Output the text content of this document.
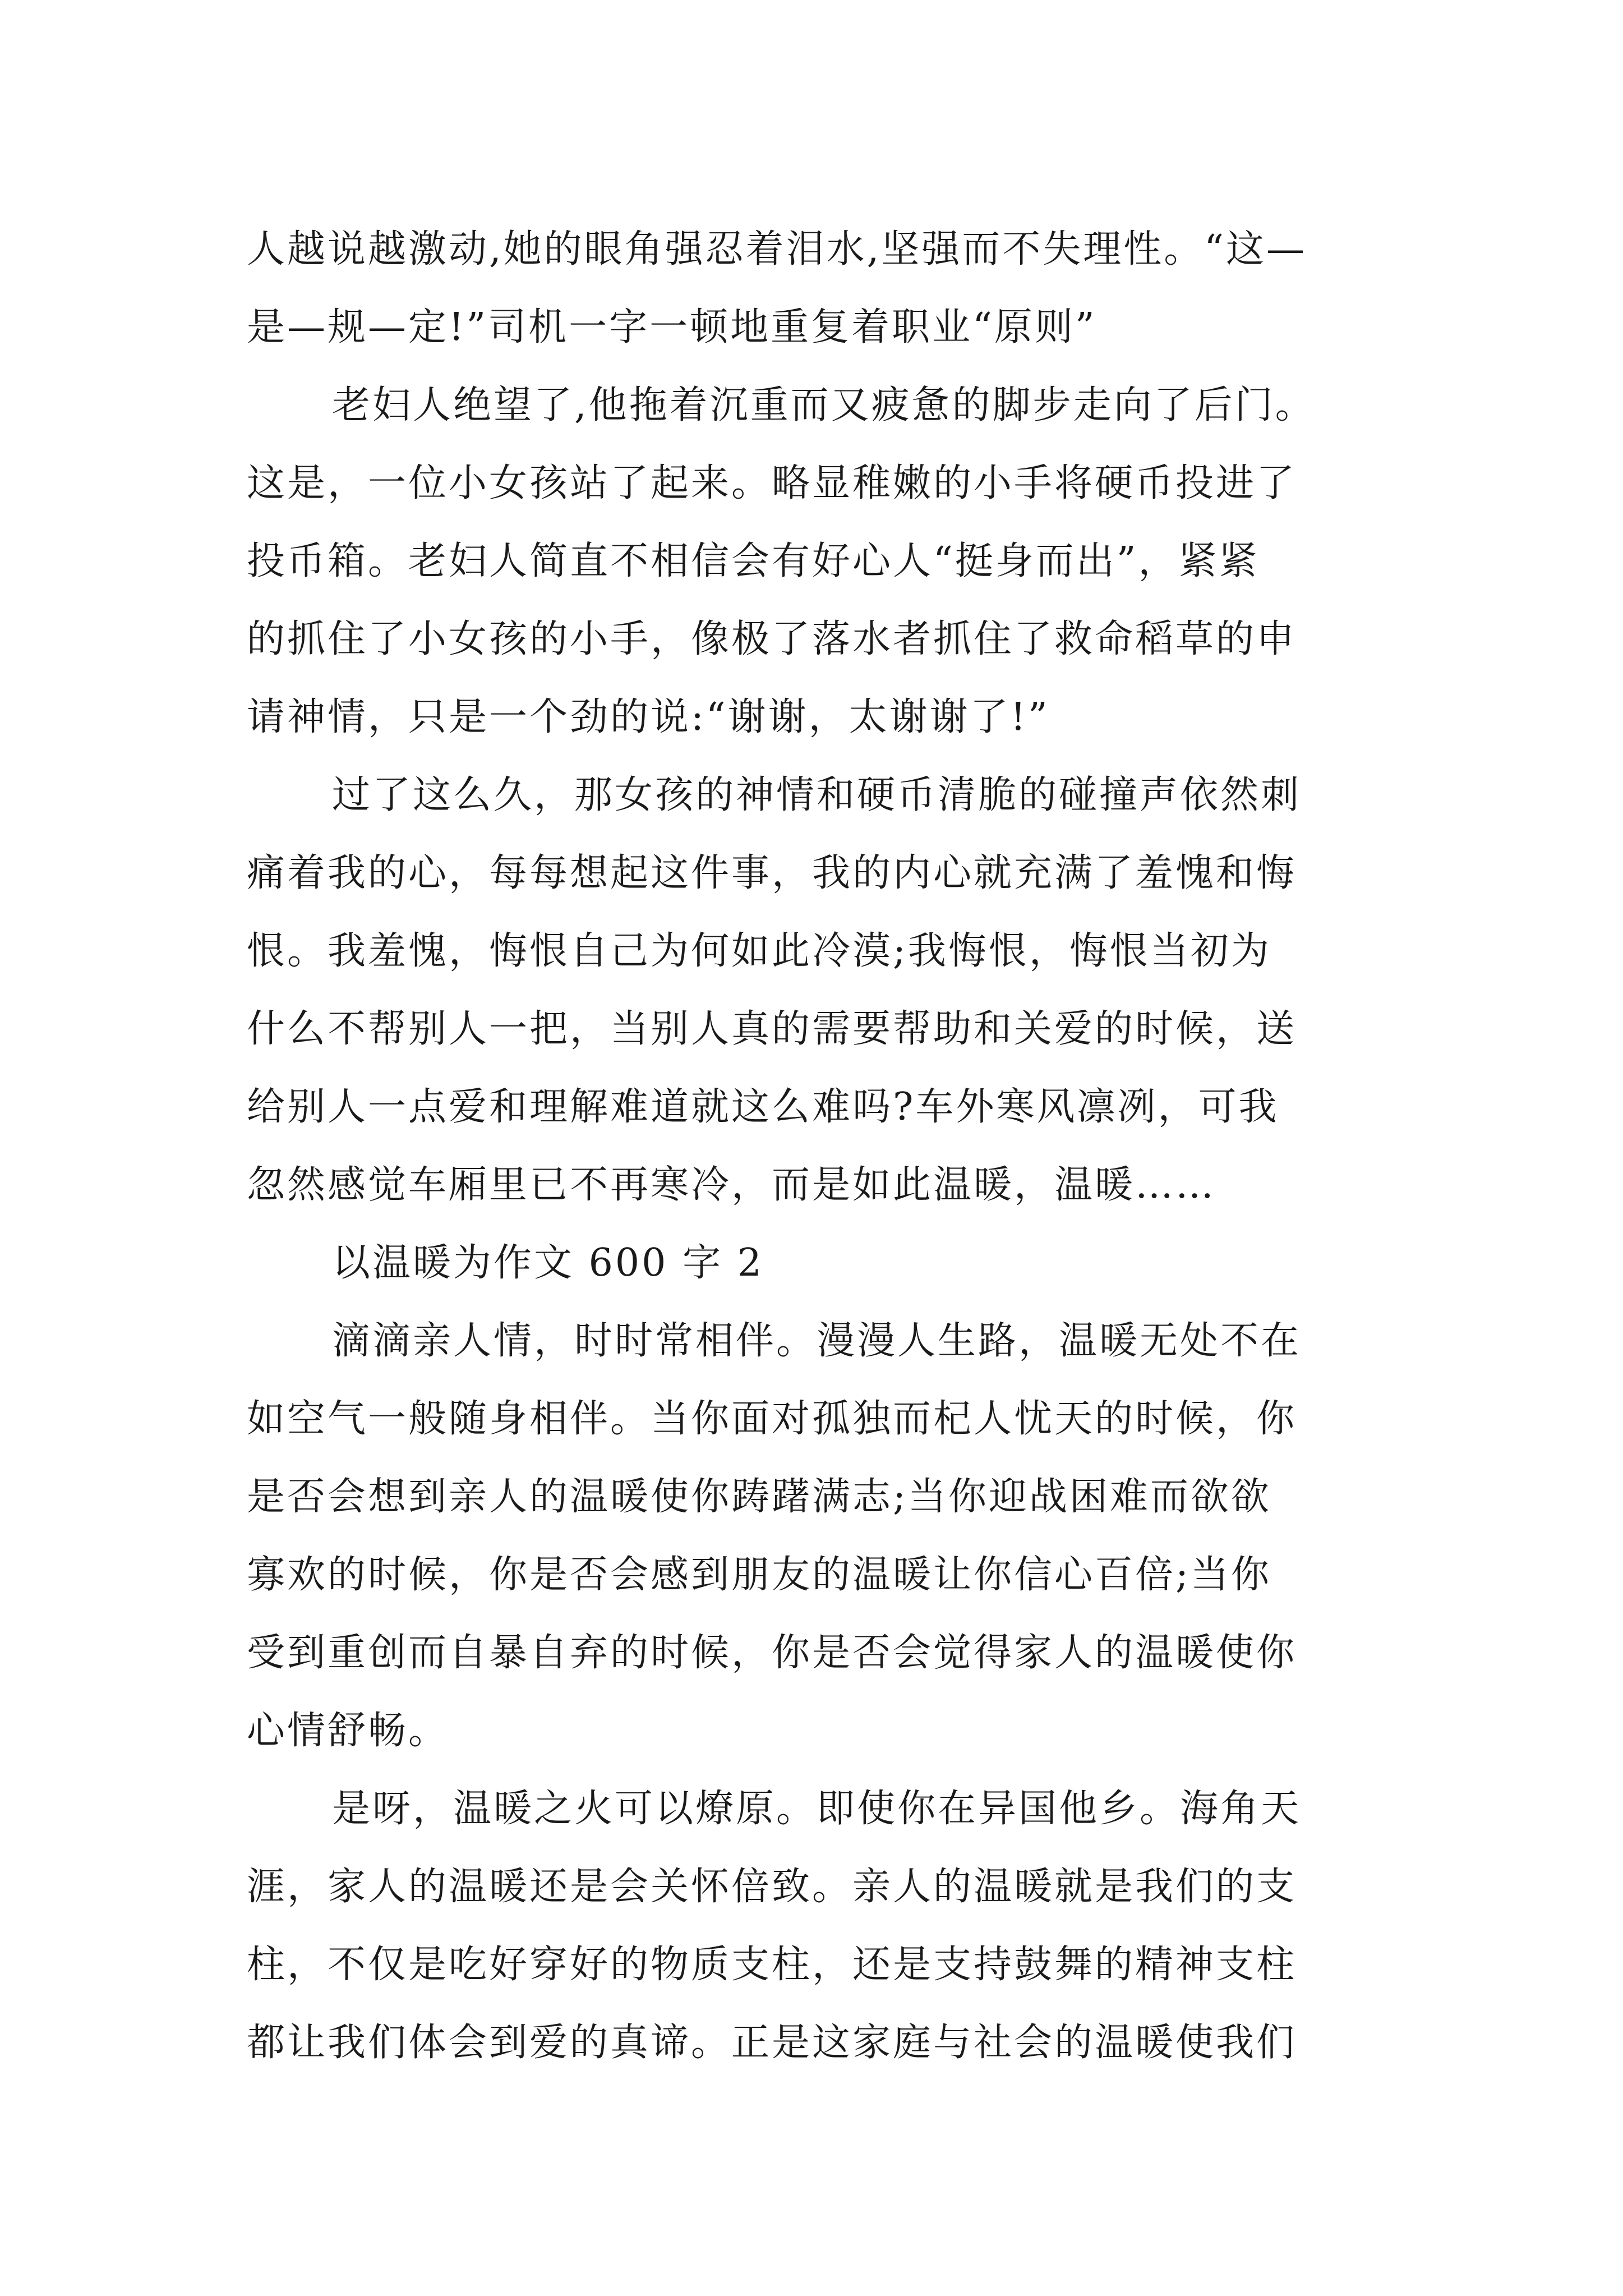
人越说越激动,她的眼角强忍着泪水,坚强而不失理性。“这—
是—规—定!”司机一字一顿地重复着职业“原则”
老妇人绝望了,他拖着沉重而又疲惫的脚步走向了后门。
这是，一位小女孩站了起来。略显稚嫩的小手将硬币投进了
投币箱。老妇人简直不相信会有好心人“挺身而出”，紧紧
的抓住了小女孩的小手，像极了落水者抓住了救命稻草的申
请神情，只是一个劲的说:“谢谢，太谢谢了!”
过了这么久，那女孩的神情和硬币清脆的碰撞声依然刺
痛着我的心，每每想起这件事，我的内心就充满了羞愧和悔
恨。我羞愧，悔恨自己为何如此冷漠;我悔恨，悔恨当初为
什么不帮别人一把，当别人真的需要帮助和关爱的时候，送
给别人一点爱和理解难道就这么难吗?车外寒风凛冽，可我
忽然感觉车厢里已不再寒冷，而是如此温暖，温暖……
以温暖为作文 600 字 2
滴滴亲人情，时时常相伴。漫漫人生路，温暖无处不在
如空气一般随身相伴。当你面对孤独而杞人忧天的时候，你
是否会想到亲人的温暖使你踌躇满志;当你迎战困难而欲欲
寡欢的时候，你是否会感到朋友的温暖让你信心百倍;当你
受到重创而自暴自弃的时候，你是否会觉得家人的温暖使你
心情舒畅。
是呀，温暖之火可以燎原。即使你在异国他乡。海角天
涯，家人的温暖还是会关怀倍致。亲人的温暖就是我们的支
柱，不仅是吃好穿好的物质支柱，还是支持鼓舞的精神支柱
都让我们体会到爱的真谛。正是这家庭与社会的温暖使我们
